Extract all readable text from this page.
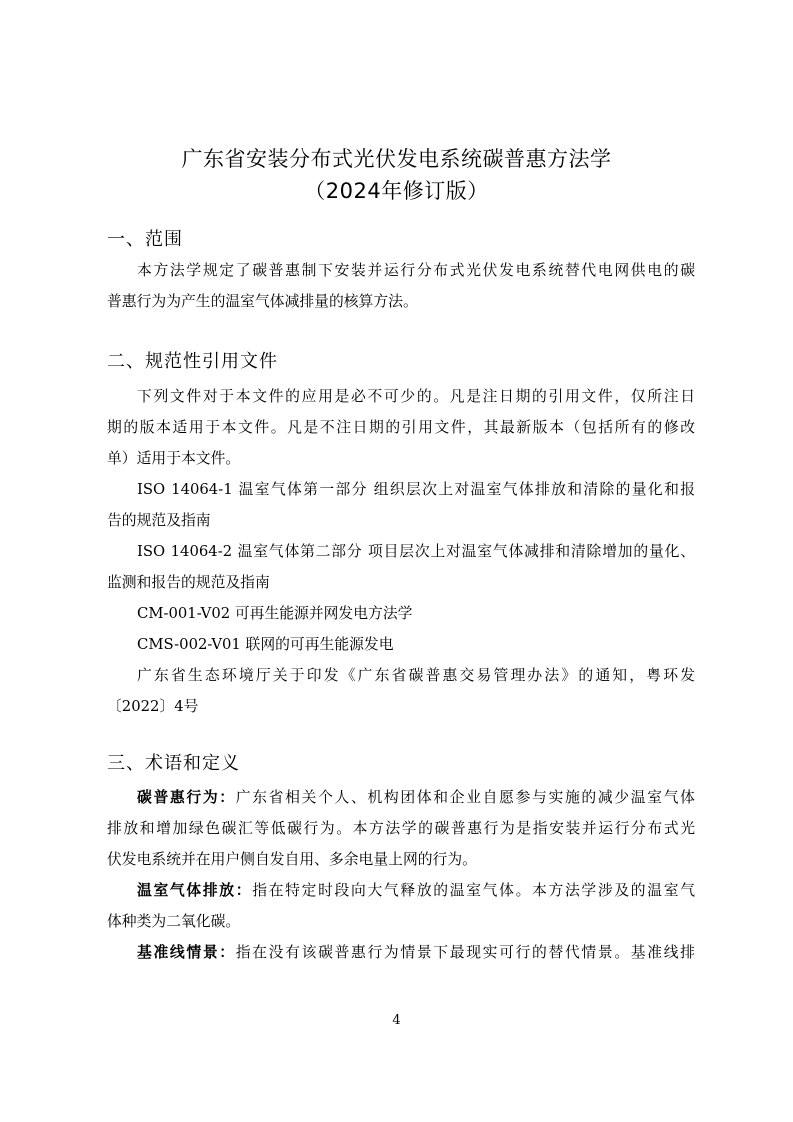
广东省安装分布式光伏发电系统碳普惠方法学
（2024年修订版）
一、范围
本方法学规定了碳普惠制下安装并运行分布式光伏发电系统替代电网供电的碳
普惠行为为产生的温室气体减排量的核算方法。
二、规范性引用文件
下列文件对于本文件的应用是必不可少的。凡是注日期的引用文件，仅所注日
期的版本适用于本文件。凡是不注日期的引用文件，其最新版本（包括所有的修改
单）适用于本文件。
ISO 14064-1 温室气体第一部分 组织层次上对温室气体排放和清除的量化和报
告的规范及指南
ISO 14064-2 温室气体第二部分 项目层次上对温室气体减排和清除增加的量化、
监测和报告的规范及指南
CM-001-V02 可再生能源并网发电方法学
CMS-002-V01 联网的可再生能源发电
广东省生态环境厅关于印发《广东省碳普惠交易管理办法》的通知，粤环发
〔2022〕4号
三、术语和定义
碳普惠行为：广东省相关个人、机构团体和企业自愿参与实施的减少温室气体
排放和增加绿色碳汇等低碳行为。本方法学的碳普惠行为是指安装并运行分布式光
伏发电系统并在用户侧自发自用、多余电量上网的行为。
温室气体排放：指在特定时段向大气释放的温室气体。本方法学涉及的温室气
体种类为二氧化碳。
基准线情景：指在没有该碳普惠行为情景下最现实可行的替代情景。基准线排
4
